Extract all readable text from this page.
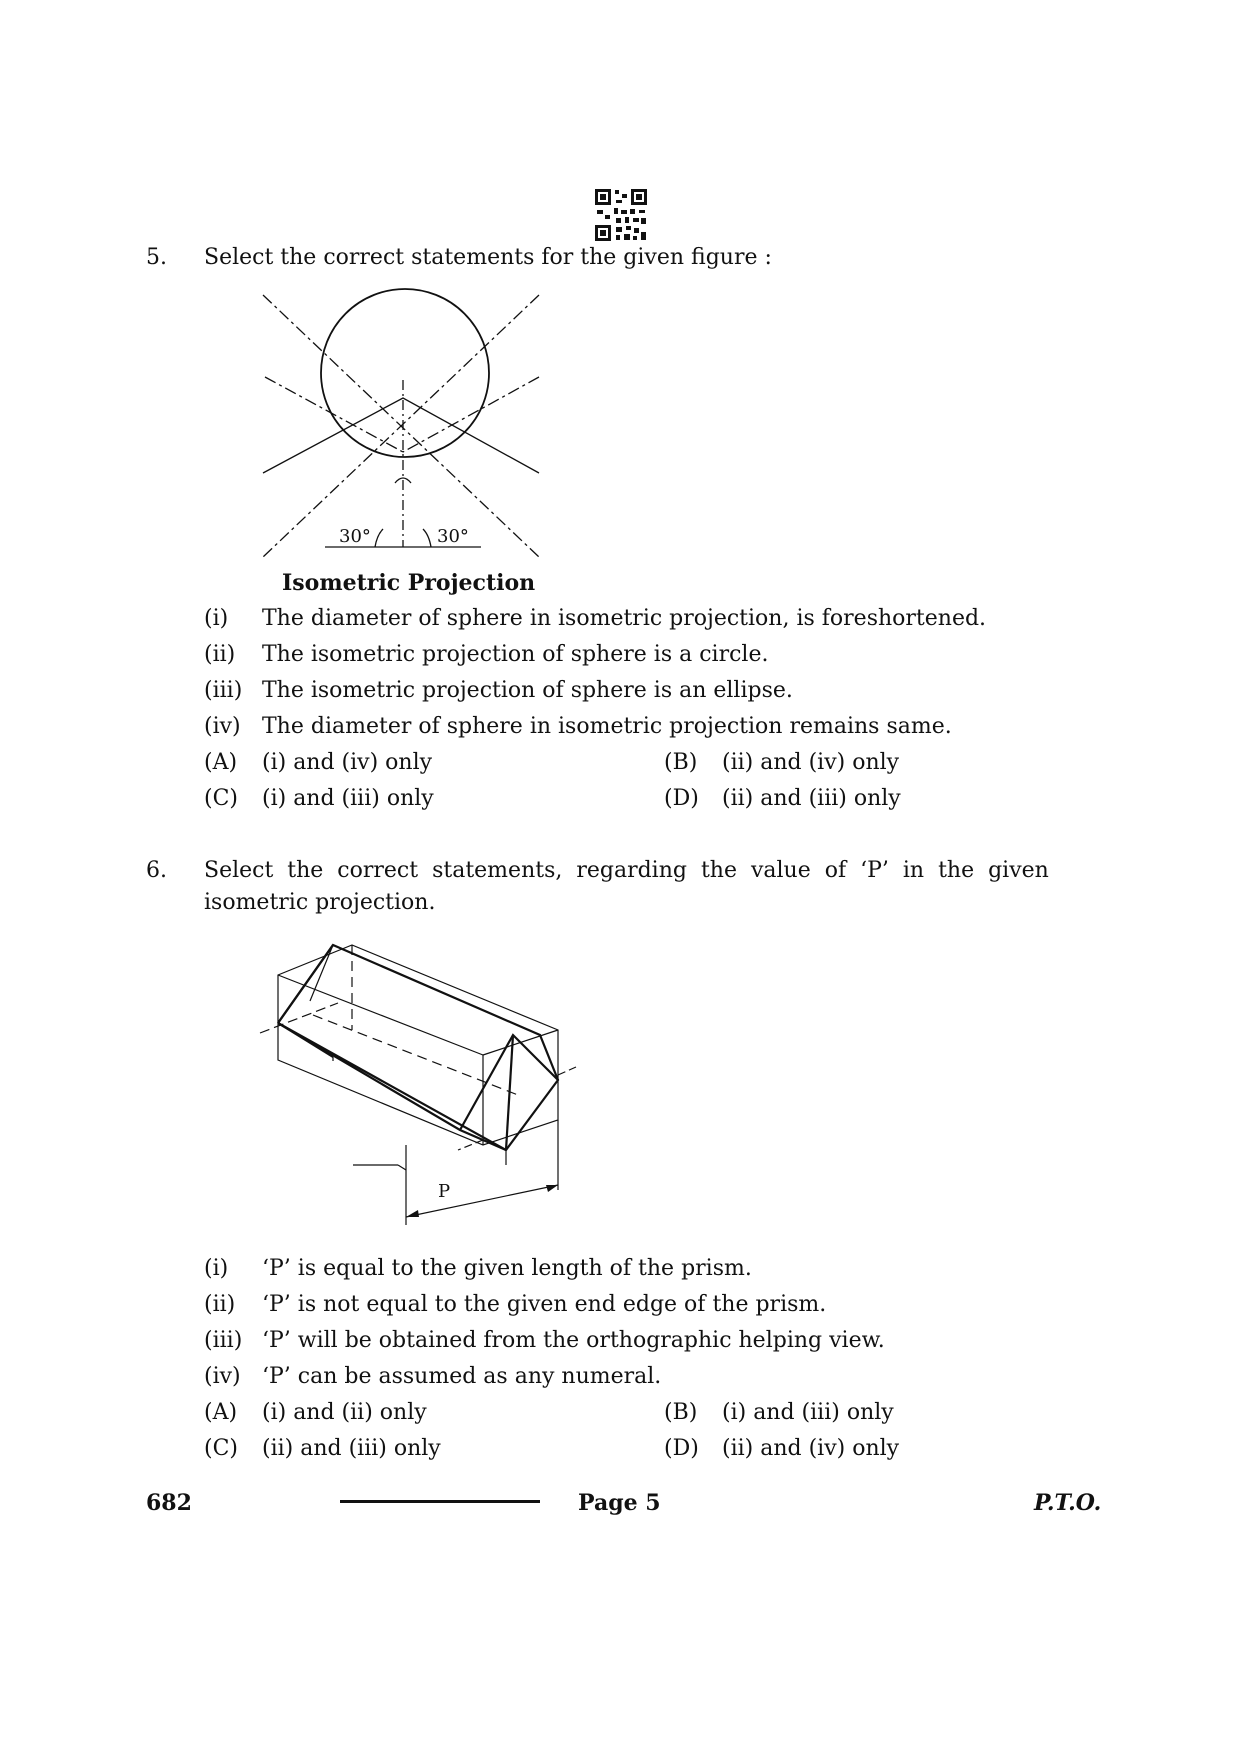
5. Select the correct statements for the given figure :
30°	30°
Isometric Projection
(i) The diameter of sphere in isometric projection, is foreshortened.
(ii) The isometric projection of sphere is a circle.
(iii) The isometric projection of sphere is an ellipse.
(iv) The diameter of sphere in isometric projection remains same.
(A) (i) and (iv) only	(B) (ii) and (iv) only
(C) (i) and (iii) only	(D) (ii) and (iii) only
6. Select  the  correct  statements,  regarding  the  value  of  ‘P’  in  the  given
isometric projection.
P
(i) ‘P’ is equal to the given length of the prism.
(ii) ‘P’ is not equal to the given end edge of the prism.
(iii) ‘P’ will be obtained from the orthographic helping view.
(iv) ‘P’ can be assumed as any numeral.
(A) (i) and (ii) only	(B) (i) and (iii) only
(C) (ii) and (iii) only	(D) (ii) and (iv) only
682	Page 5	P.T.O.
